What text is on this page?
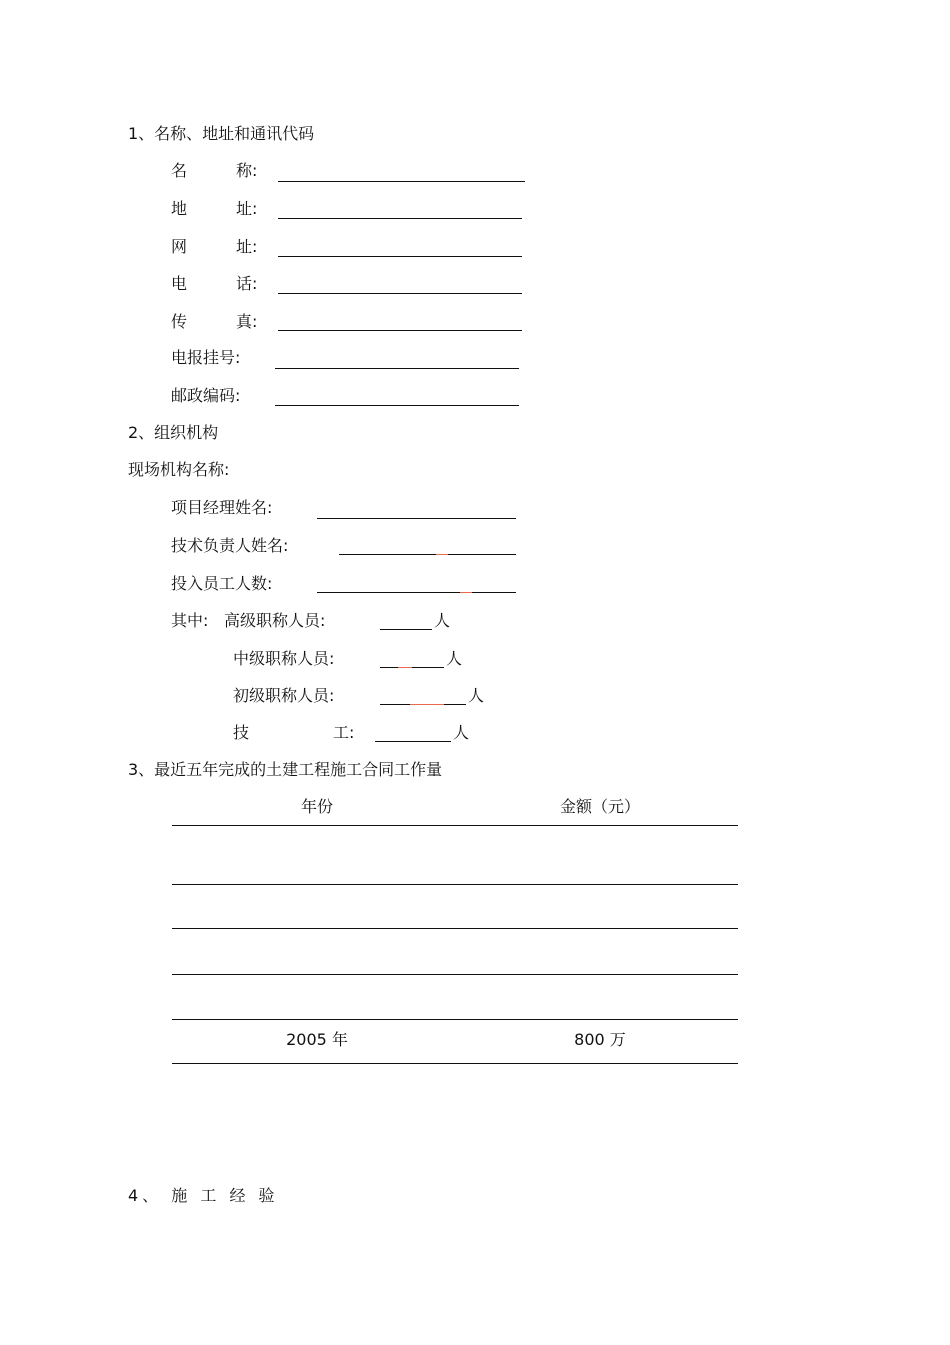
1、名称、地址和通讯代码
名	称:
地	址:
网	址:
电	话:
传	真:
电报挂号:
邮政编码:
2、组织机构
现场机构名称:
项目经理姓名:
技术负责人姓名:
投入员工人数:
其中: 高级职称人员:	人
中级职称人员:	人
初级职称人员:	人
技	工:	人
3、最近五年完成的土建工程施工合同工作量
年份	金额（元）
2005 年	800 万
4、 施 工 经 验
